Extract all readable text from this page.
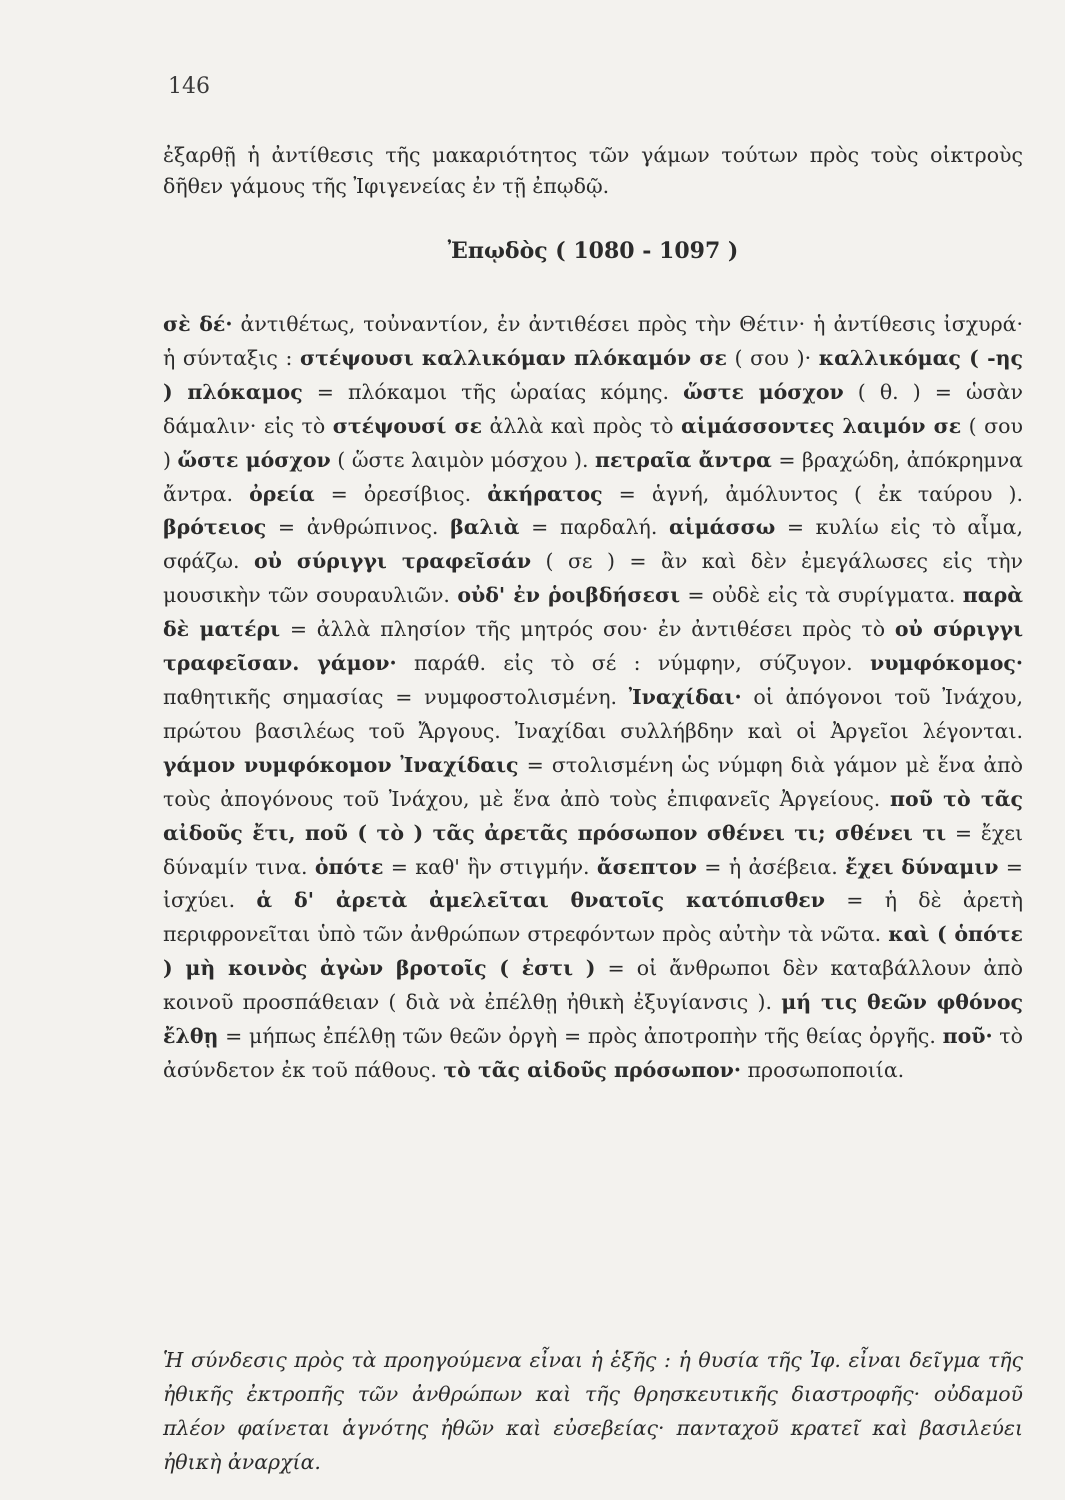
146

ἐξαρθῇ ἡ ἀντίθεσις τῆς μακαριότητος τῶν γάμων τούτων πρὸς τοὺς οἰκτροὺς δῆθεν γάμους τῆς Ἰφιγενείας ἐν τῇ ἐπῳδῷ.

Ἐπῳδὸς ( 1080 - 1097 )

σὲ δέ· ἀντιθέτως, τοὐναντίον, ἐν ἀντιθέσει πρὸς τὴν Θέτιν· ἡ ἀντίθεσις ἰσχυρά· ἡ σύνταξις : στέψουσι καλλικόμαν πλόκαμόν σε ( σου )· καλλικόμας ( -ης ) πλόκαμος = πλόκαμοι τῆς ὡραίας κόμης. ὥστε μόσχον ( θ. ) = ὡσὰν δάμαλιν· εἰς τὸ στέψουσί σε ἀλλὰ καὶ πρὸς τὸ αἱμάσσοντες λαιμόν σε ( σου ) ὥστε μόσχον ( ὥστε λαιμὸν μόσχου ). πετραῖα ἄντρα = βραχώδη, ἀπόκρημνα ἄντρα. ὀρεία = ὀρεσίβιος. ἀκήρατος = ἁγνή, ἀμόλυντος ( ἐκ ταύρου ). βρότειος = ἀνθρώπινος. βαλιὰ = παρδαλή. αἱμάσσω = κυλίω εἰς τὸ αἷμα, σφάζω. οὐ σύριγγι τραφεῖσάν ( σε ) = ἂν καὶ δὲν ἐμεγάλωσες εἰς τὴν μουσικὴν τῶν σουραυλιῶν. οὐδ' ἐν ῥοιβδήσεσι = οὐδὲ εἰς τὰ συρίγματα. παρὰ δὲ ματέρι = ἀλλὰ πλησίον τῆς μητρός σου· ἐν ἀντιθέσει πρὸς τὸ οὐ σύριγγι τραφεῖσαν. γάμον· παράθ. εἰς τὸ σέ : νύμφην, σύζυγον. νυμφόκομος· παθητικῆς σημασίας = νυμφοστολισμένη. Ἰναχίδαι· οἱ ἀπόγονοι τοῦ Ἰνάχου, πρώτου βασιλέως τοῦ Ἄργους. Ἰναχίδαι συλλήβδην καὶ οἱ Ἀργεῖοι λέγονται. γάμον νυμφόκομον Ἰναχίδαις = στολισμένη ὡς νύμφη διὰ γάμον μὲ ἕνα ἀπὸ τοὺς ἀπογόνους τοῦ Ἰνάχου, μὲ ἕνα ἀπὸ τοὺς ἐπιφανεῖς Ἀργείους. ποῦ τὸ τᾶς αἰδοῦς ἔτι, ποῦ ( τὸ ) τᾶς ἀρετᾶς πρόσωπον σθένει τι; σθένει τι = ἔχει δύναμίν τινα. ὁπότε = καθ' ἣν στιγμήν. ἄσεπτον = ἡ ἀσέβεια. ἔχει δύναμιν = ἰσχύει. ἁ δ' ἀρετὰ ἀμελεῖται θνατοῖς κατόπισθεν = ἡ δὲ ἀρετὴ περιφρονεῖται ὑπὸ τῶν ἀνθρώπων στρεφόντων πρὸς αὐτὴν τὰ νῶτα. καὶ ( ὁπότε ) μὴ κοινὸς ἀγὼν βροτοῖς ( ἐστι ) = οἱ ἄνθρωποι δὲν καταβάλλουν ἀπὸ κοινοῦ προσπάθειαν ( διὰ νὰ ἐπέλθῃ ἠθικὴ ἐξυγίανσις ). μή τις θεῶν φθόνος ἔλθῃ = μήπως ἐπέλθῃ τῶν θεῶν ὀργὴ = πρὸς ἀποτροπὴν τῆς θείας ὀργῆς. ποῦ· τὸ ἀσύνδετον ἐκ τοῦ πάθους. τὸ τᾶς αἰδοῦς πρόσωπον· προσωποποιία.

Ἡ σύνδεσις πρὸς τὰ προηγούμενα εἶναι ἡ ἑξῆς : ἡ θυσία τῆς Ἰφ. εἶναι δεῖγμα τῆς ἠθικῆς ἐκτροπῆς τῶν ἀνθρώπων καὶ τῆς θρησκευτικῆς διαστροφῆς· οὐδαμοῦ πλέον φαίνεται ἁγνότης ἠθῶν καὶ εὐσεβείας· πανταχοῦ κρατεῖ καὶ βασιλεύει ἠθικὴ ἀναρχία.
